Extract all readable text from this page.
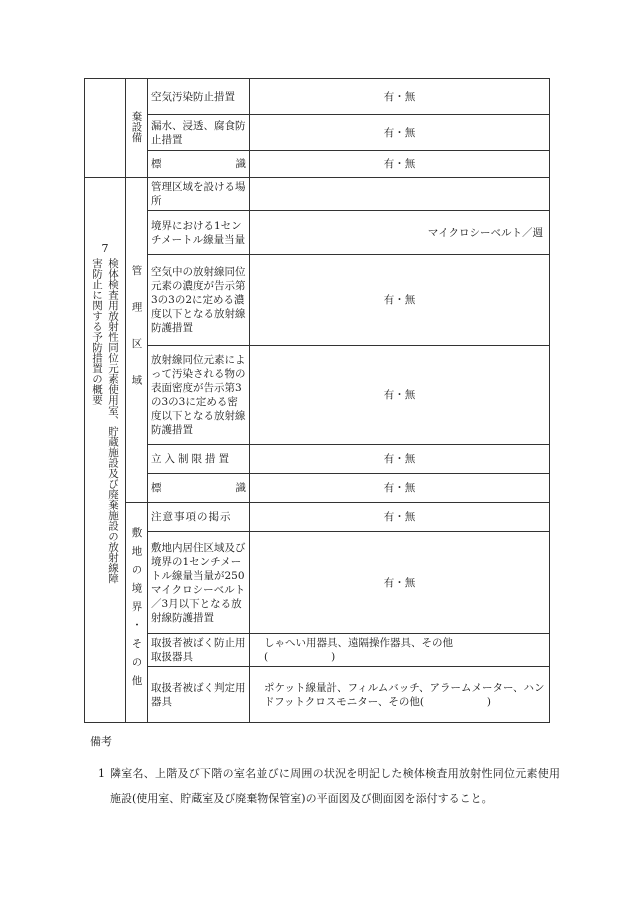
	棄設備	空気汚染防止措置	有・無
		漏水、浸透、腐食防止措置	有・無

		標 識	有・無

7
検体検査用放射性同位元素使用室、貯蔵施設及び廃棄施設の放射線障
害防止に関する予防措置の概要	管理区域	管理区域を設ける場所	
		境界における1センチメートル線量当量	マイクロシーベルト／週
		空気中の放射線同位元素の濃度が告示第3の3の2に定める濃度以下となる放射線防護措置	有・無
		放射線同位元素によって汚染される物の表面密度が告示第3の3の3に定める密度以下となる放射線防護措置	有・無
		立入制限措置	有・無

		標 識	有・無
	敷地の境界・その他	注意事項の掲示	有・無
		敷地内居住区域及び境界の1センチメートル線量当量が250マイクロシーベルト／3月以下となる放射線防護措置	有・無
		取扱者被ばく防止用取扱器具	しゃへい用器具、遠隔操作器具、その他
(　　　　　　)
		取扱者被ばく判定用器具	ポケット線量計、フィルムバッチ、アラームメーター、ハンドフットクロスモニター、その他(　　　　　　)
備考
1 隣室名、上階及び下階の室名並びに周囲の状況を明記した検体検査用放射性同位元素使用施設(使用室、貯蔵室及び廃棄物保管室)の平面図及び側面図を添付すること。
